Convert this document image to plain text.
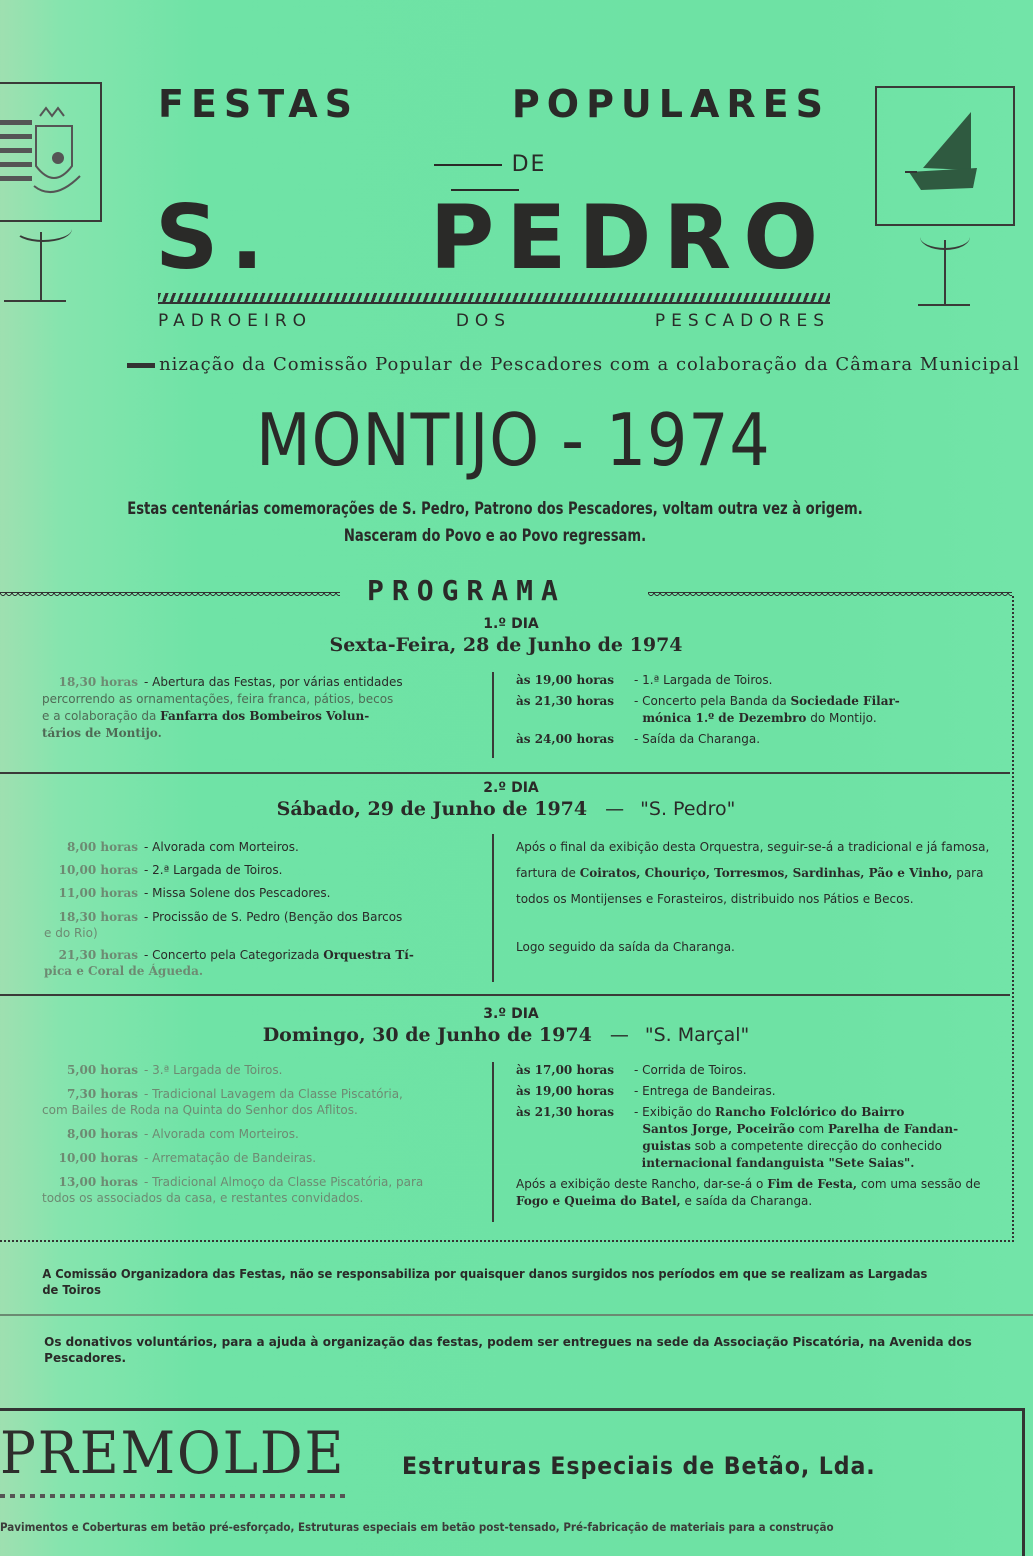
FESTAS POPULARES
DE
S. PEDRO
PADROEIRO DOS PESCADORES
nização da Comissão Popular de Pescadores com a colaboração da Câmara Municipal
MONTIJO - 1974
Estas centenárias comemorações de S. Pedro, Patrono dos Pescadores, voltam outra vez à origem.
Nasceram do Povo e ao Povo regressam.
PROGRAMA
1.º DIA
Sexta-Feira, 28 de Junho de 1974
18,30 horas - Abertura das Festas, por várias entidades
percorrendo as ornamentações, feira franca, pátios, becos
e a colaboração da Fanfarra dos Bombeiros Volun-
tários de Montijo.
às 19,00 horas	- 1.ª Largada de Toiros.
às 21,30 horas	- Concerto pela Banda da Sociedade Filar-
mónica 1.º de Dezembro do Montijo.
às 24,00 horas	- Saída da Charanga.
2.º DIA
Sábado, 29 de Junho de 1974 — "S. Pedro"
8,00 horas - Alvorada com Morteiros.
10,00 horas - 2.ª Largada de Toiros.
11,00 horas - Missa Solene dos Pescadores.
18,30 horas - Procissão de S. Pedro (Benção dos Barcos
e do Rio)
21,30 horas - Concerto pela Categorizada Orquestra Tí-
pica e Coral de Águeda.
Após o final da exibição desta Orquestra, seguir-se-á a tradicional e já famosa, fartura de Coiratos, Chouriço, Torresmos, Sardinhas, Pão e Vinho, para todos os Montijenses e Forasteiros, distribuido nos Pátios e Becos.
Logo seguido da saída da Charanga.
3.º DIA
Domingo, 30 de Junho de 1974 — "S. Marçal"
5,00 horas - 3.ª Largada de Toiros.
7,30 horas - Tradicional Lavagem da Classe Piscatória,
com Bailes de Roda na Quinta do Senhor dos Aflitos.
8,00 horas - Alvorada com Morteiros.
10,00 horas - Arrematação de Bandeiras.
13,00 horas - Tradicional Almoço da Classe Piscatória, para
todos os associados da casa, e restantes convidados.
às 17,00 horas	- Corrida de Toiros.
às 19,00 horas	- Entrega de Bandeiras.
às 21,30 horas	- Exibição do Rancho Folclórico do Bairro
Santos Jorge, Poceirão com Parelha de Fandan-
guistas sob a competente direcção do conhecido
internacional fandanguista "Sete Saias".
Após a exibição deste Rancho, dar-se-á o Fim de Festa, com uma sessão de Fogo e Queima do Batel, e saída da Charanga.
A Comissão Organizadora das Festas, não se responsabiliza por quaisquer danos surgidos nos períodos em que se realizam as Largadas de Toiros
Os donativos voluntários, para a ajuda à organização das festas, podem ser entregues na sede da Associação Piscatória, na Avenida dos Pescadores.
PREMOLDE Estruturas Especiais de Betão, Lda.
Pavimentos e Coberturas em betão pré-esforçado, Estruturas especiais em betão post-tensado, Pré-fabricação de materiais para a construção
